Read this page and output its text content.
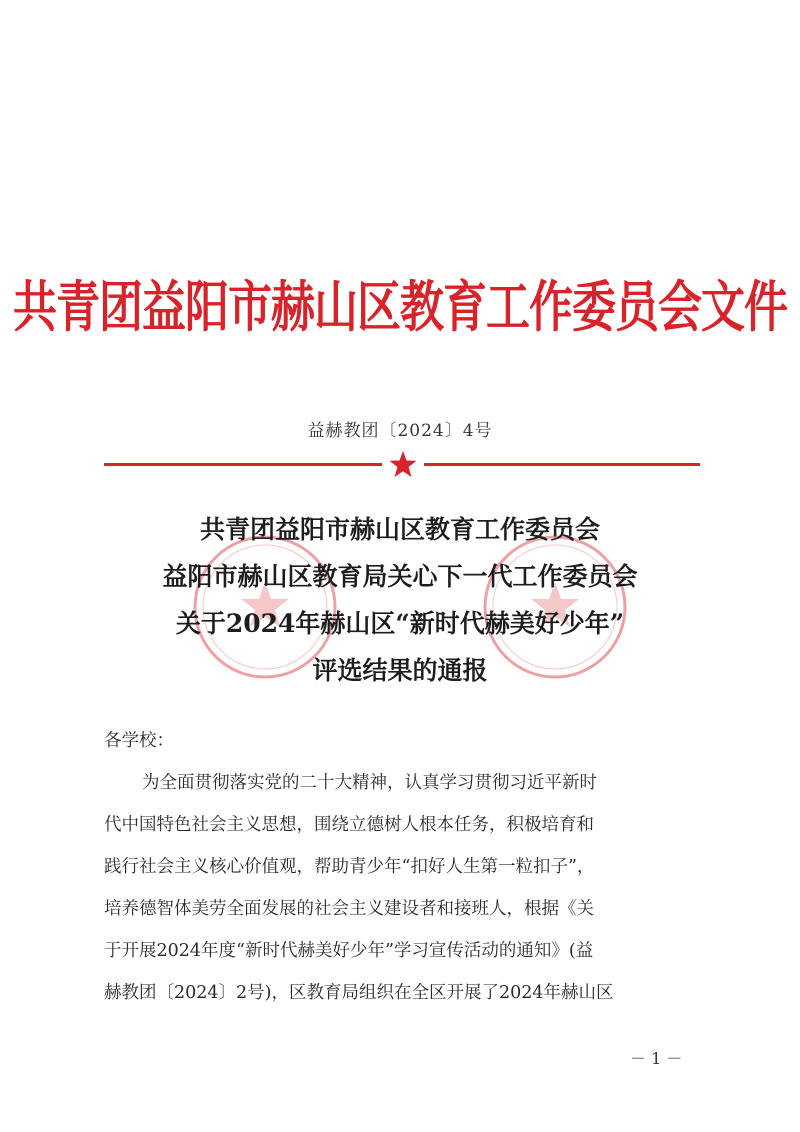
共青团益阳市赫山区教育工作委员会文件
益赫教团〔2024〕4号
共青团益阳市赫山区教育工作委员会
益阳市赫山区教育局关心下一代工作委员会
关于2024年赫山区“新时代赫美好少年”
评选结果的通报
各学校：
为全面贯彻落实党的二十大精神，认真学习贯彻习近平新时
代中国特色社会主义思想，围绕立德树人根本任务，积极培育和
践行社会主义核心价值观，帮助青少年“扣好人生第一粒扣子”，
培养德智体美劳全面发展的社会主义建设者和接班人，根据《关
于开展2024年度“新时代赫美好少年”学习宣传活动的通知》(益
赫教团〔2024〕2号)，区教育局组织在全区开展了2024年赫山区
－ 1 －
